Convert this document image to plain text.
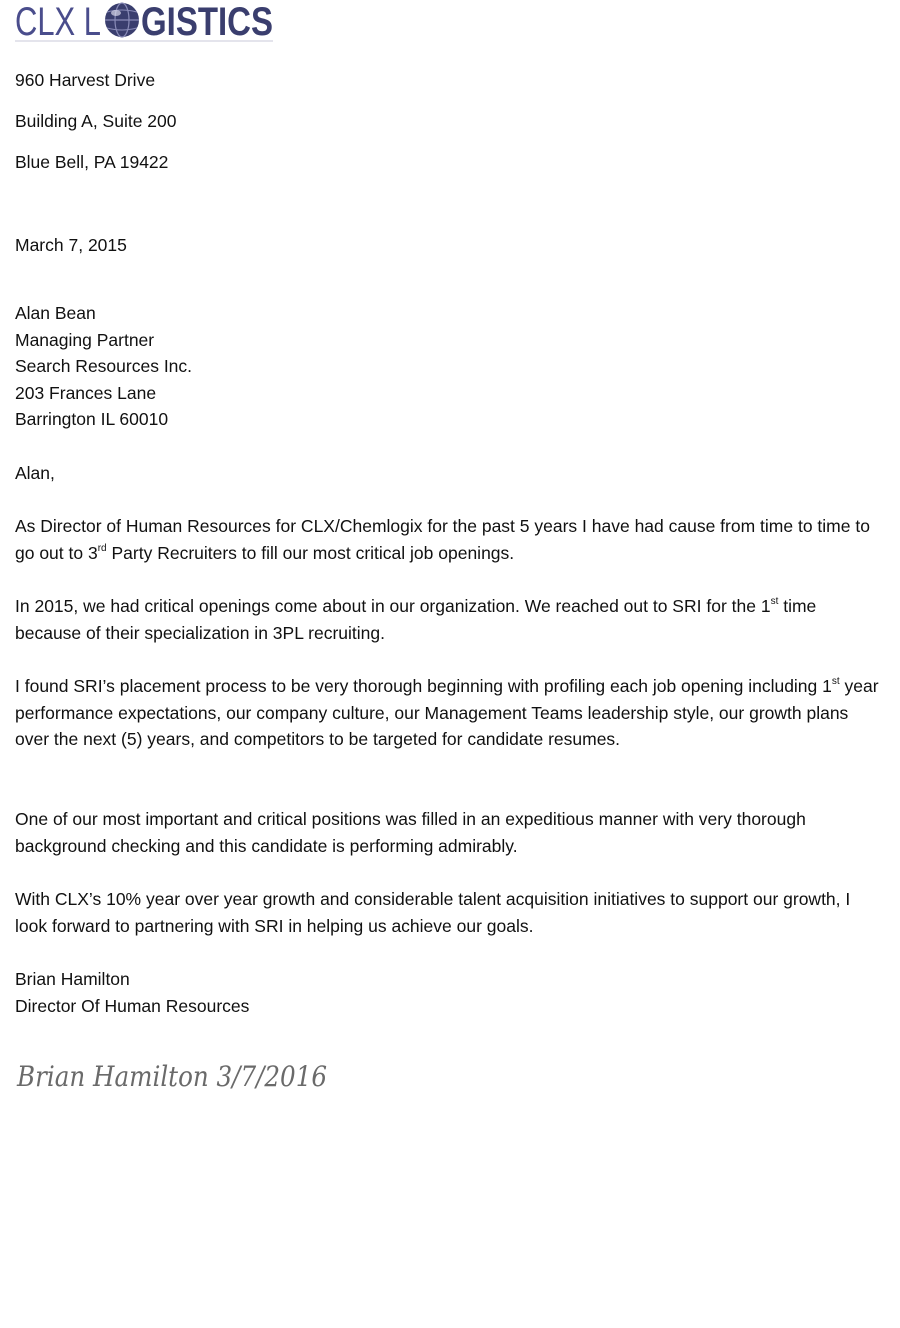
CLX L GISTICS
960 Harvest Drive
Building A, Suite 200
Blue Bell, PA 19422
March 7, 2015

Alan Bean

Managing Partner

Search Resources Inc.

203 Frances Lane

Barrington IL 60010

Alan,

As Director of Human Resources for CLX/Chemlogix for the past 5 years I have had cause from time to time to go out to 3rd Party Recruiters to fill our most critical job openings.

In 2015, we had critical openings come about in our organization. We reached out to SRI for the 1st time because of their specialization in 3PL recruiting.

I found SRI’s placement process to be very thorough beginning with profiling each job opening including 1st year performance expectations, our company culture, our Management Teams leadership style, our growth plans over the next (5) years, and competitors to be targeted for candidate resumes.

One of our most important and critical positions was filled in an expeditious manner with very thorough background checking and this candidate is performing admirably.
With CLX’s 10% year over year growth and considerable talent acquisition initiatives to support our growth, I look forward to partnering with SRI in helping us achieve our goals.

Brian Hamilton

Director Of Human Resources

Brian Hamilton 3/7/2016
